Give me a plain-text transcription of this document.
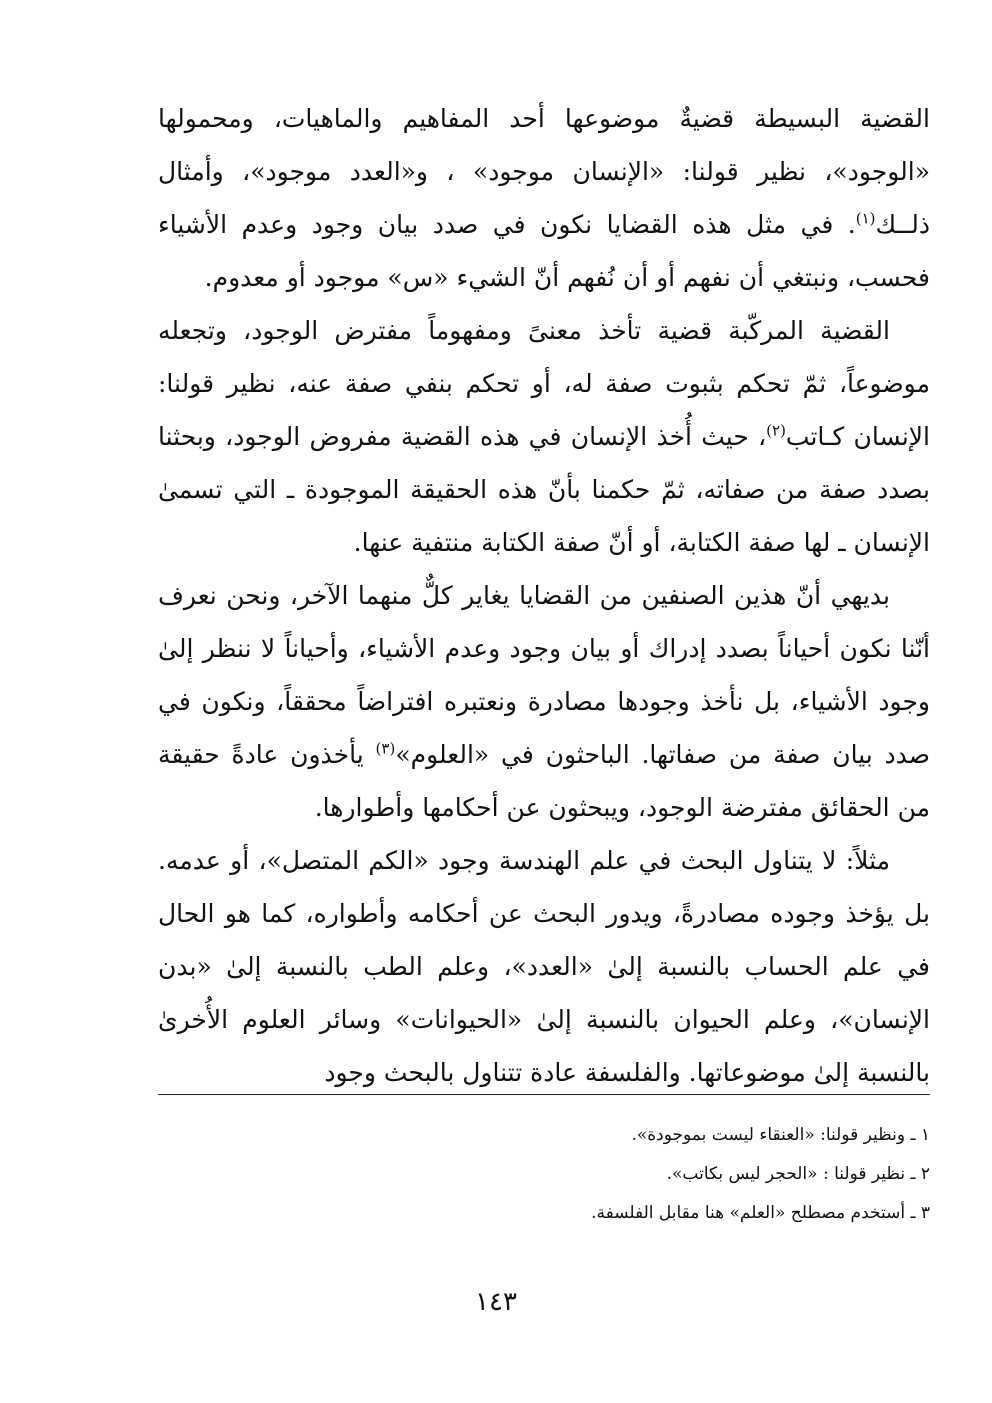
القضية البسيطة قضيةٌ موضوعها أحد المفاهيم والماهيات، ومحمولها «الوجود»، نظير قولنا: «الإنسان موجود» ، و«العدد موجود»، وأمثال ذلــك$^{(١)}$. في مثل هذه القضايا نكون في صدد بيان وجود وعدم الأشياء فحسب، ونبتغي أن نفهم أو أن نُفهم أنّ الشيء «س» موجود أو معدوم.

القضية المركّبة قضية تأخذ معنىً ومفهوماً مفترض الوجود، وتجعله موضوعاً، ثمّ تحكم بثبوت صفة له، أو تحكم بنفي صفة عنه، نظير قولنا: الإنسان كـاتب$^{(٢)}$، حيث أُخذ الإنسان في هذه القضية مفروض الوجود، وبحثنا بصدد صفة من صفاته، ثمّ حكمنا بأنّ هذه الحقيقة الموجودة ـ التي تسمىٰ الإنسان ـ لها صفة الكتابة، أو أنّ صفة الكتابة منتفية عنها.

بديهي أنّ هذين الصنفين من القضايا يغاير كلٌّ منهما الآخر، ونحن نعرف أنّنا نكون أحياناً بصدد إدراك أو بيان وجود وعدم الأشياء، وأحياناً لا ننظر إلىٰ وجود الأشياء، بل نأخذ وجودها مصادرة ونعتبره افتراضاً محققاً، ونكون في صدد بيان صفة من صفاتها. الباحثون في «العلوم»$^{(٣)}$ يأخذون عادةً حقيقة من الحقائق مفترضة الوجود، ويبحثون عن أحكامها وأطوارها.

مثلاً: لا يتناول البحث في علم الهندسة وجود «الكم المتصل»، أو عدمه. بل يؤخذ وجوده مصادرةً، ويدور البحث عن أحكامه وأطواره، كما هو الحال في علم الحساب بالنسبة إلىٰ «العدد»، وعلم الطب بالنسبة إلىٰ «بدن الإنسان»، وعلم الحيوان بالنسبة إلىٰ «الحيوانات» وسائر العلوم الأُخرىٰ بالنسبة إلىٰ موضوعاتها. والفلسفة عادة تتناول بالبحث وجود

١ ـ ونظير قولنا: «العنقاء ليست بموجودة».

٢ ـ نظير قولنا : «الحجر ليس بكاتب».

٣ ـ أستخدم مصطلح «العلم» هنا مقابل الفلسفة.

١٤٣
